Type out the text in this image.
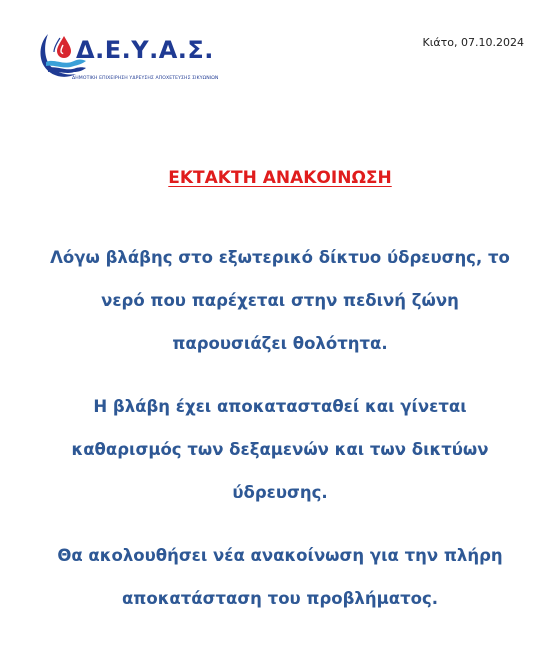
Δ.Ε.Υ.Α.Σ.
ΔΗΜΟΤΙΚΗ ΕΠΙΧΕΙΡΗΣΗ ΥΔΡΕΥΣΗΣ ΑΠΟΧΕΤΕΥΣΗΣ ΣΙΚΥΩΝΙΩΝ
Κιάτο, 07.10.2024
ΕΚΤΑΚΤΗ ΑΝΑΚΟΙΝΩΣΗ
Λόγω βλάβης στο εξωτερικό δίκτυο ύδρευσης, το
νερό που παρέχεται στην πεδινή ζώνη
παρουσιάζει θολότητα.
Η βλάβη έχει αποκατασταθεί και γίνεται
καθαρισμός των δεξαμενών και των δικτύων
ύδρευσης.
Θα ακολουθήσει νέα ανακοίνωση για την πλήρη
αποκατάσταση του προβλήματος.
